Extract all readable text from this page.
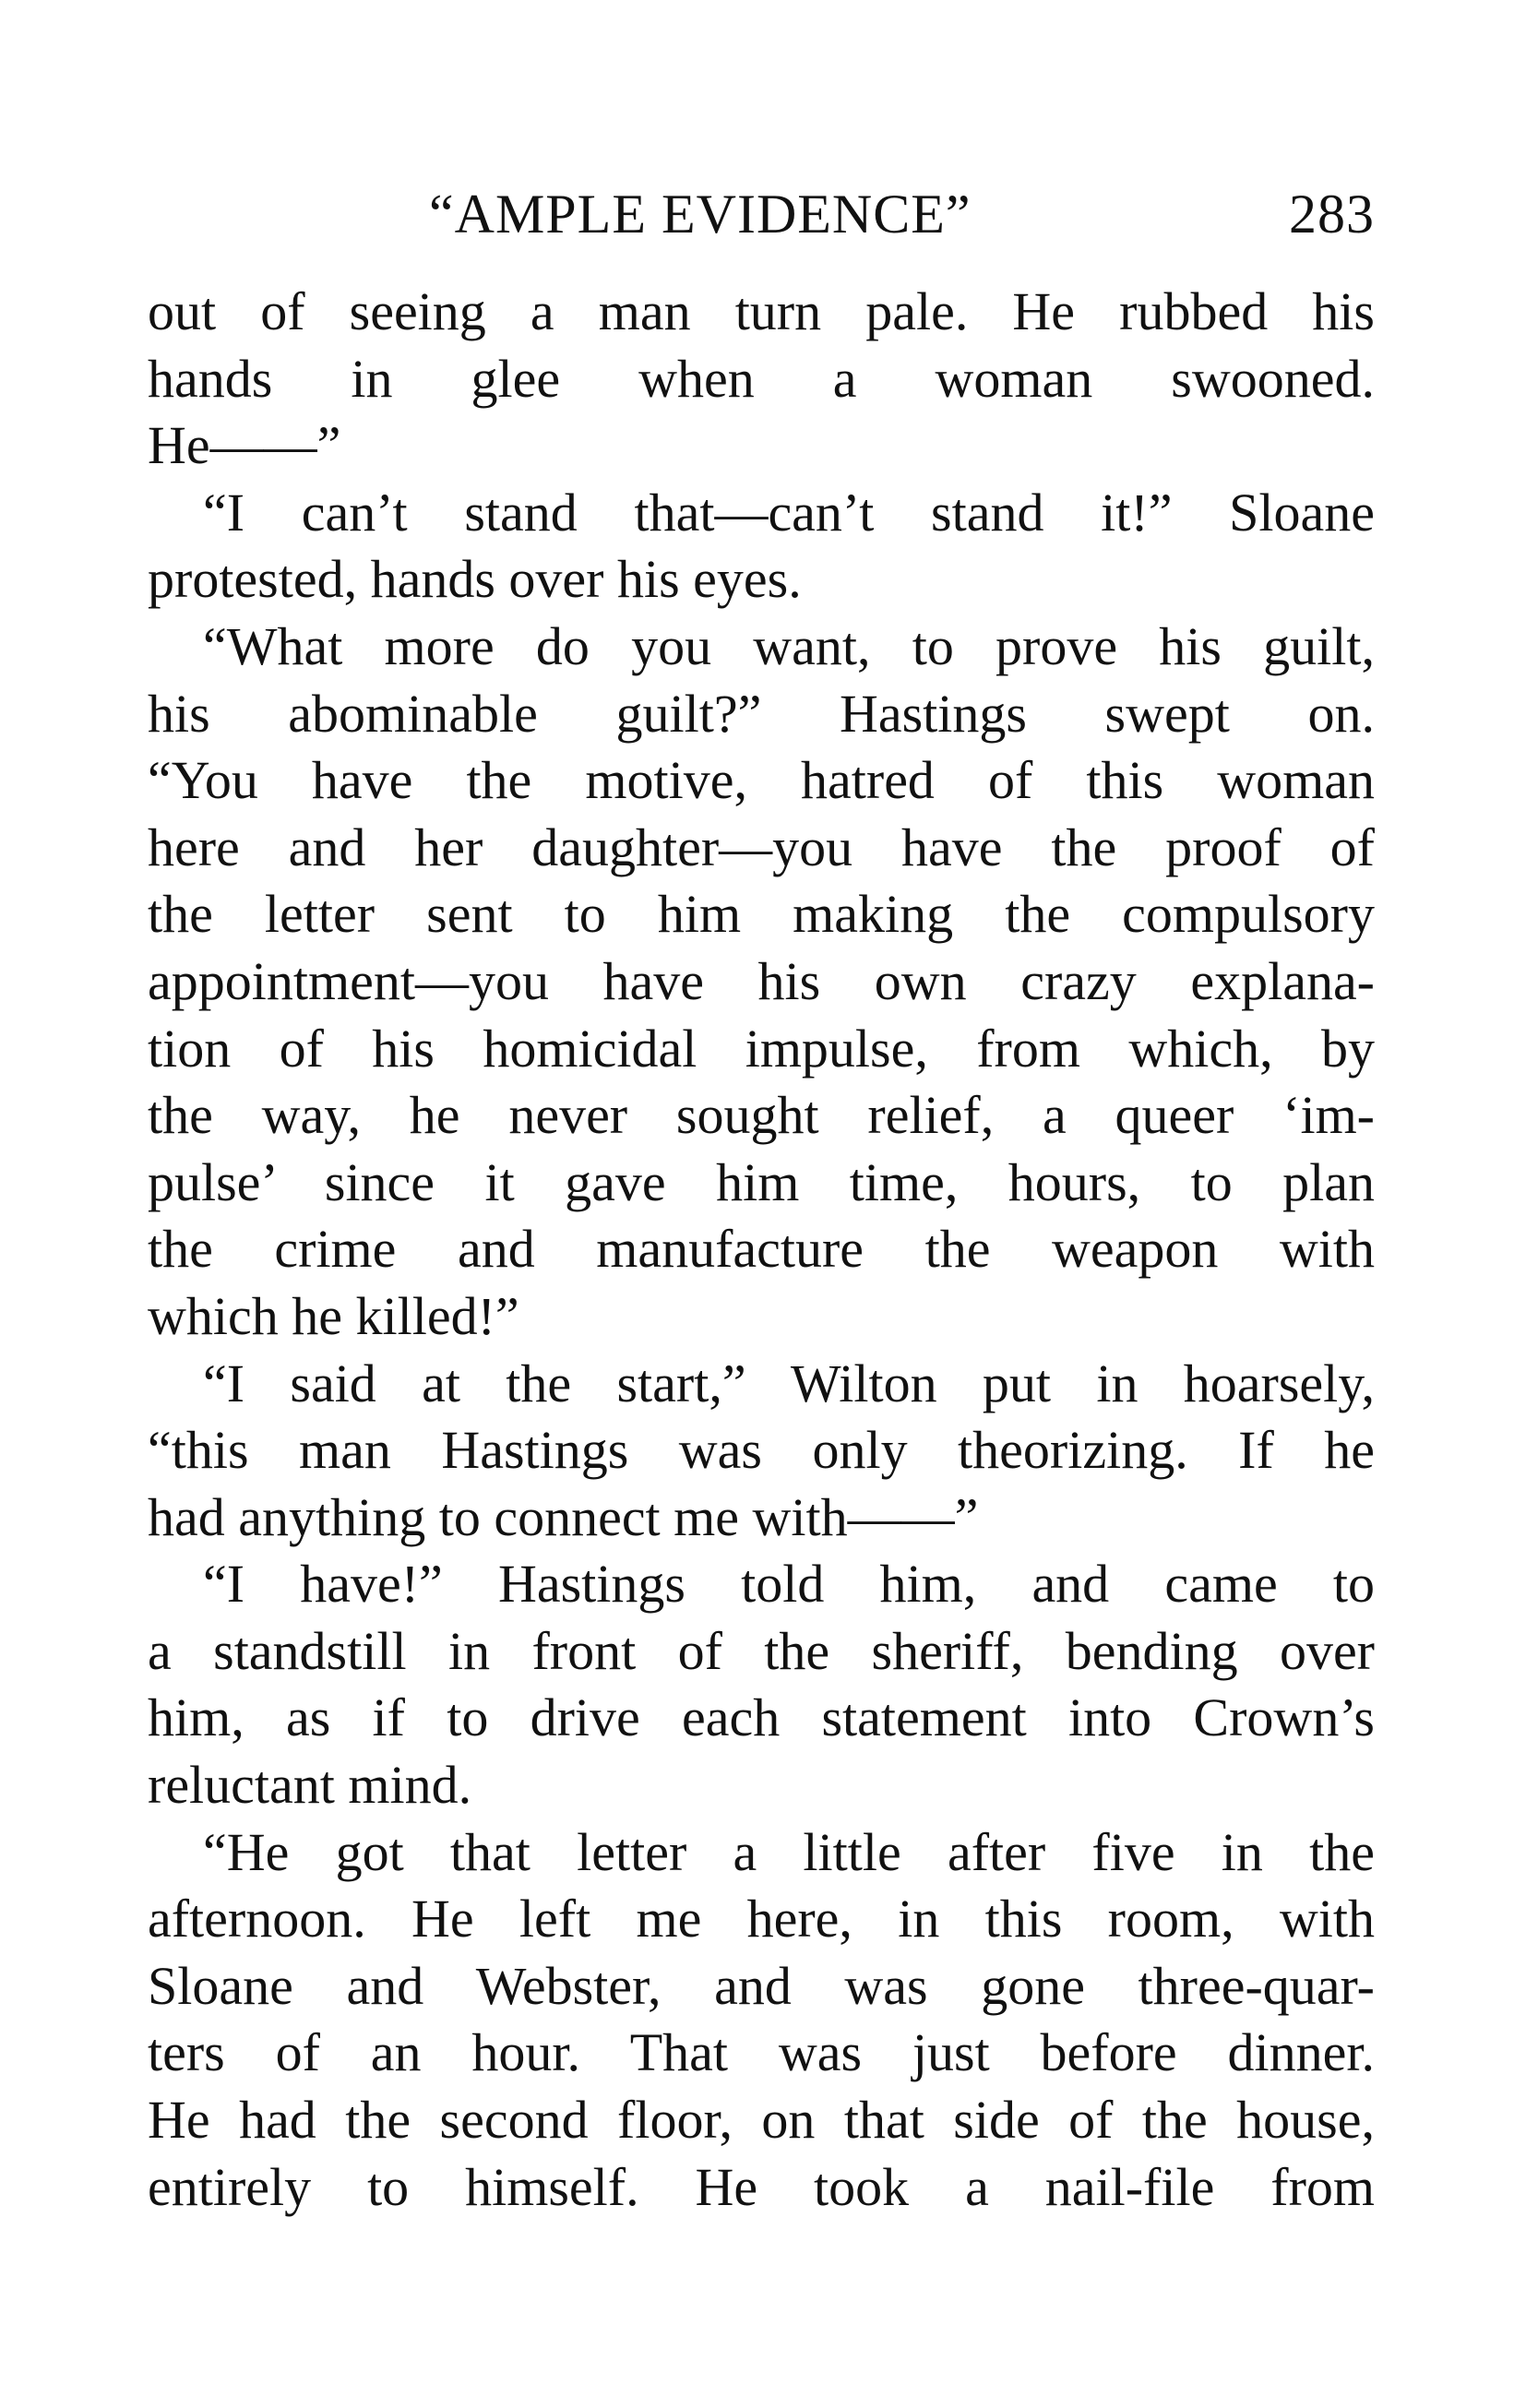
“AMPLE EVIDENCE”	283
out of seeing a man turn pale. He rubbed his
hands in glee when a woman swooned.
He——”
“I can’t stand that—can’t stand it!” Sloane
protested, hands over his eyes.
“What more do you want, to prove his guilt,
his abominable guilt?” Hastings swept on.
“You have the motive, hatred of this woman
here and her daughter—you have the proof of
the letter sent to him making the compulsory
appointment—you have his own crazy explana-
tion of his homicidal impulse, from which, by
the way, he never sought relief, a queer ‘im-
pulse’ since it gave him time, hours, to plan
the crime and manufacture the weapon with
which he killed!”
“I said at the start,” Wilton put in hoarsely,
“this man Hastings was only theorizing. If he
had anything to connect me with——”
“I have!” Hastings told him, and came to
a standstill in front of the sheriff, bending over
him, as if to drive each statement into Crown’s
reluctant mind.
“He got that letter a little after five in the
afternoon. He left me here, in this room, with
Sloane and Webster, and was gone three-quar-
ters of an hour. That was just before dinner.
He had the second floor, on that side of the house,
entirely to himself. He took a nail-file from
